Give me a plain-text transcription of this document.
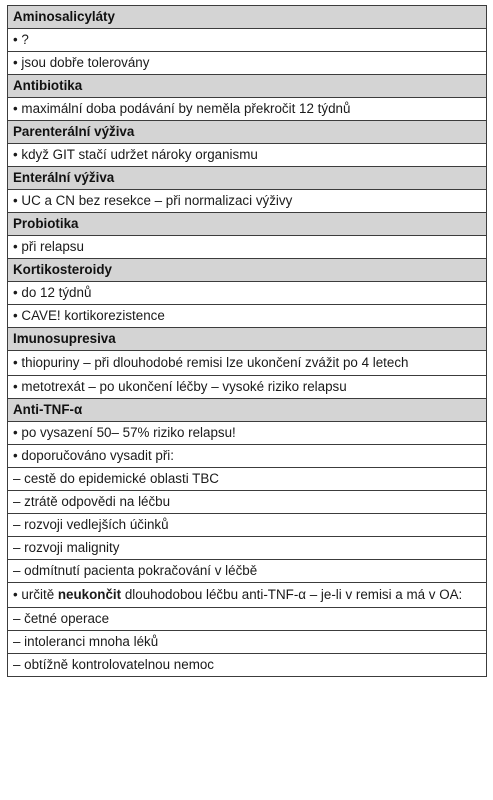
Aminosalicyláty
• ?
• jsou dobře tolerovány
Antibiotika
• maximální doba podávání by neměla překročit 12 týdnů
Parenterální výživa
• když GIT stačí udržet nároky organismu
Enterální výživa
• UC a CN bez resekce – při normalizaci výživy
Probiotika
• při relapsu
Kortikosteroidy
• do 12 týdnů
• CAVE! kortikorezistence
Imunosupresiva
• thiopuriny – při dlouhodobé remisi lze ukončení zvážit po 4 letech
• metotrexát – po ukončení léčby – vysoké riziko relapsu
Anti-TNF-α
• po vysazení 50– 57% riziko relapsu!
• doporučováno vysadit při:
– cestě do epidemické oblasti TBC
– ztrátě odpovědi na léčbu
– rozvoji vedlejších účinků
– rozvoji malignity
– odmítnutí pacienta pokračování v léčbě
• určitě neukončit dlouhodobou léčbu anti-TNF-α – je-li v remisi a má v OA:
– četné operace
– intoleranci mnoha léků
– obtížně kontrolovatelnou nemoc
